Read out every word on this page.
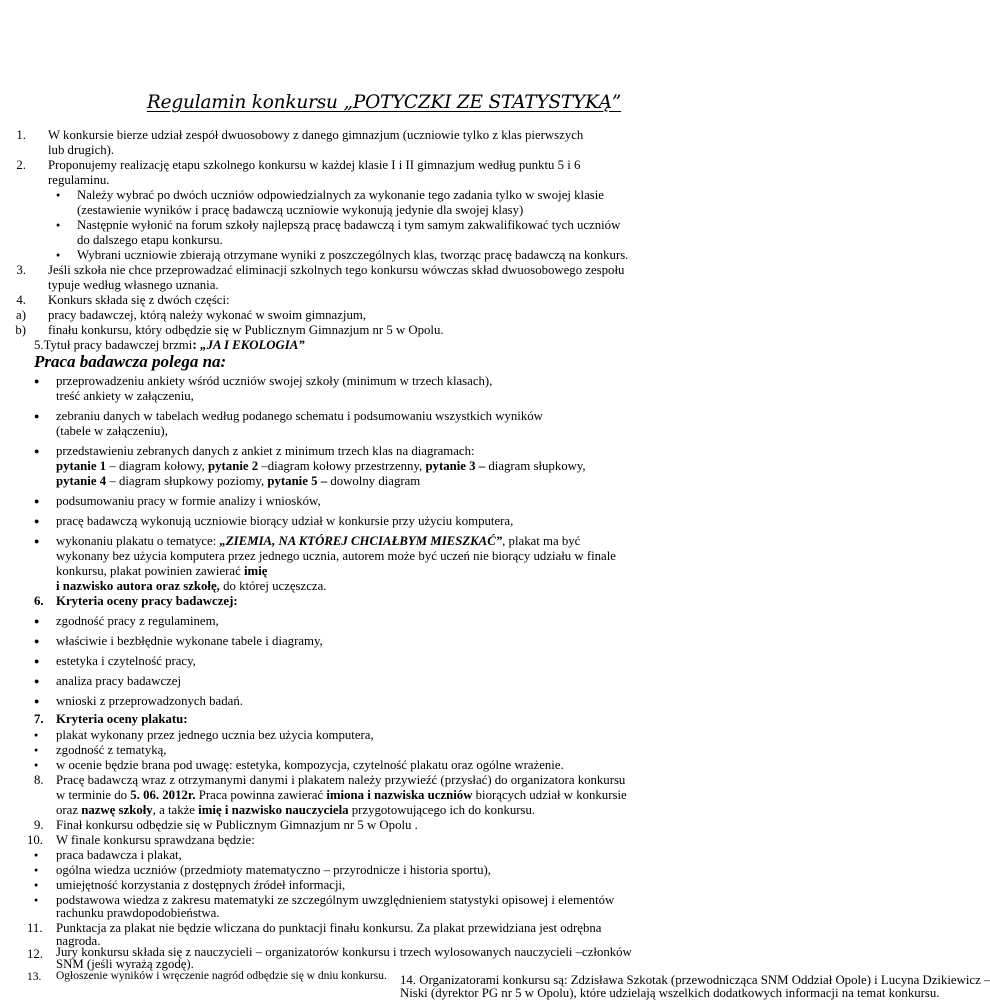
Regulamin konkursu „POTYCZKI ZE STATYSTYKĄ”
1. W konkursie bierze udział zespół dwuosobowy z danego gimnazjum (uczniowie tylko z klas pierwszych
lub drugich).
2. Proponujemy realizację etapu szkolnego konkursu w każdej klasie I i II gimnazjum według punktu 5 i 6
regulaminu.
● Należy wybrać po dwóch uczniów odpowiedzialnych za wykonanie tego zadania tylko w swojej klasie
(zestawienie wyników i pracę badawczą uczniowie wykonują jedynie dla swojej klasy)
● Następnie wyłonić na forum szkoły najlepszą pracę badawczą i tym samym zakwalifikować tych uczniów
do dalszego etapu konkursu.
● Wybrani uczniowie zbierają otrzymane wyniki z poszczególnych klas, tworząc pracę badawczą na konkurs.
3. Jeśli szkoła nie chce przeprowadzać eliminacji szkolnych tego konkursu wówczas skład dwuosobowego zespołu
typuje według własnego uznania.
4. Konkurs składa się z dwóch części:
a) pracy badawczej, którą należy wykonać w swoim gimnazjum,
b) finału konkursu, który odbędzie się w Publicznym Gimnazjum nr 5 w Opolu.
5.Tytuł pracy badawczej brzmi: „JA I EKOLOGIA”
Praca badawcza polega na:
● przeprowadzeniu ankiety wśród uczniów swojej szkoły (minimum w trzech klasach),
treść ankiety w załączeniu,
● zebraniu danych w tabelach według podanego schematu i podsumowaniu wszystkich wyników
(tabele w załączeniu),
● przedstawieniu zebranych danych z ankiet z minimum trzech klas na diagramach:
pytanie 1 – diagram kołowy, pytanie 2 –diagram kołowy przestrzenny, pytanie 3 – diagram słupkowy,
pytanie 4 – diagram słupkowy poziomy, pytanie 5 – dowolny diagram
● podsumowaniu pracy w formie analizy i wniosków,
● pracę badawczą wykonują uczniowie biorący udział w konkursie przy użyciu komputera,
● wykonaniu plakatu o tematyce: „ZIEMIA, NA KTÓREJ CHCIAŁBYM MIESZKAĆ”, plakat ma być
wykonany bez użycia komputera przez jednego ucznia, autorem może być uczeń nie biorący udziału w finale
konkursu, plakat powinien zawierać imię
i nazwisko autora oraz szkołę, do której uczęszcza.
6. Kryteria oceny pracy badawczej:
● zgodność pracy z regulaminem,
● właściwie i bezbłędnie wykonane tabele i diagramy,
● estetyka i czytelność pracy,
● analiza pracy badawczej
● wnioski z przeprowadzonych badań.
7. Kryteria oceny plakatu:
● plakat wykonany przez jednego ucznia bez użycia komputera,
● zgodność z tematyką,
● w ocenie będzie brana pod uwagę: estetyka, kompozycja, czytelność plakatu oraz ogólne wrażenie.
8. Pracę badawczą wraz z otrzymanymi danymi i plakatem należy przywieźć (przysłać) do organizatora konkursu
w terminie do 5. 06. 2012r. Praca powinna zawierać imiona i nazwiska uczniów biorących udział w konkursie
oraz nazwę szkoły, a także imię i nazwisko nauczyciela przygotowującego ich do konkursu.
9. Finał konkursu odbędzie się w Publicznym Gimnazjum nr 5 w Opolu .
10. W finale konkursu sprawdzana będzie:
● praca badawcza i plakat,
● ogólna wiedza uczniów (przedmioty matematyczno – przyrodnicze i historia sportu),
● umiejętność korzystania z dostępnych źródeł informacji,
● podstawowa wiedza z zakresu matematyki ze szczególnym uwzględnieniem statystyki opisowej i elementów
rachunku prawdopodobieństwa.
11. Punktacja za plakat nie będzie wliczana do punktacji finału konkursu. Za plakat przewidziana jest odrębna
nagroda.
12. Jury konkursu składa się z nauczycieli – organizatorów konkursu i trzech wylosowanych nauczycieli –członków
SNM (jeśli wyrażą zgodę).
13. Ogłoszenie wyników i wręczenie nagród odbędzie się w dniu konkursu. 14. Organizatorami konkursu są: Zdzisława Szkotak (przewodnicząca SNM Oddział Opole) i Lucyna Dzikiewicz –
Niski (dyrektor PG nr 5 w Opolu), które udzielają wszelkich dodatkowych informacji na temat konkursu.
